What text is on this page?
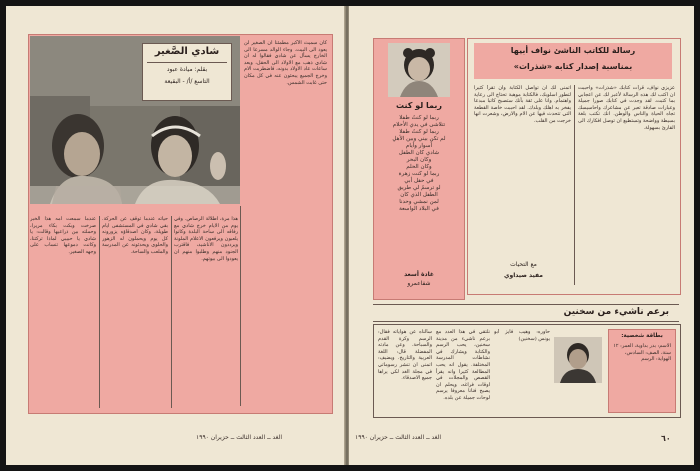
شادي الصَّغير
بقلم: ميادة عبود
التاسع /أ/ - البقيعة

كان سميث الأكبر مطمئنا ان الصغير لن يعود الى البيت. وجاء الوالد مسرعا الى الخارج يسأل عن شادي فقالوا له ان شادي ذهب مع الاولاد الى الحقل، وبعد ساعات عاد الاولاد بدونه، فاضطربت الام وخرج الجميع يبحثون عنه في كل مكان حتى غابت الشمس.

عندما سمعت امه هذا الخبر صرخت وبكت بكاء مريرا، وحملته بين ذراعيها وقالت: يا شادي يا حبيبي لماذا تركتنا، وكانت دموعها تنساب على وجهه الصغير.

حياته عندما توقف عن الحركة. بقي شادي في المستشفى ايام طويلة، وكان اصدقاؤه يزورونه كل يوم ويحملون له الزهور والحلوى ويحدثونه عن المدرسة والملعب والساحة.

هذا مرة، اطلالة الرصاص. وفي يوم من الايام خرج شادي مع رفاقه الى ساحة البلدة وكانوا يلعبون ويرفعون الاعلام الملونة ويرددون الاناشيد، فاقترب الجنود منهم وطلبوا منهم ان يعودوا الى بيوتهم.

الغد ــ العدد الثالث ــ حزيران ١٩٩٠
ربما لو كنت
ربما لو كنتُ طفلا
تتلاشى في يدي الأحلام
ربما لو كنتُ طفلا
لم تكن بيني وبين الأهلِ
أسوار وأيام
شادي كان الطفل
وكان البحر
وكان الحلم
ربما لو كنت زهرة
في حقل أبي
لو ترسمُ لي طريق
الطفل الذي كان
لمن نمشي وحدنا
في البلاد الواسعة
غادة أسعد
شفاعمرو
رسالة للكاتب الناشئ نواف أبيها
بمناسبة إصدار كتابه «شذرات»

اتمنى لك ان تواصل الكتابة وان تقرأ كثيرا لتطور اسلوبك، فالكتابة موهبة تحتاج الى رعاية واهتمام. وانا على ثقة بأنك ستصبح كاتبا مبدعا يفخر به اهلك وبلدك. لقد احببت خاصة القطعة التي تتحدث فيها عن الام والارض، وشعرت انها خرجت من القلب.

عزيزي نواف، قرأت كتابك «شذرات» واحببت ان اكتب لك هذه الرسالة لأعبر لك عن اعجابي بما كتبت. لقد وجدت في كتابك صورا جميلة وعبارات صادقة تعبر عن مشاعرك واحاسيسك تجاه الحياة والناس والوطن. انك تكتب بلغة بسيطة وواضحة وتستطيع ان توصل افكارك الى القارئ بسهولة.

مع التحيات
مفيد صيداوي
برعم ناشيء من سخنين
بطاقة شخصية:

الاسم: بدر بداوية، العمر: ١٢ سنة، الصف: السادس، الهواية: الرسم

حاوره: وهيب فايز أبو يونس (سخنين)

نلتقي في هذا العدد مع برعم ناشيء من مدينة سخنين، يحب الرسم والكتابة ويشارك في نشاطات المدرسة المختلفة. يقول انه يحب المطالعة كثيرا وانه يقرأ القصص والمجلات في اوقات فراغه، ويحلم ان يصبح فنانا معروفا يرسم لوحات جميلة عن بلده.

سألناه عن هواياته فقال: الرسم وكرة القدم والسباحة. وعن مادته المفضلة قال: اللغة العربية والتاريخ. ويضيف: اتمنى ان تنشر رسوماتي في مجلة الغد لكي يراها جميع الاصدقاء.

الغد ــ العدد الثالث ــ حزيران ١٩٩٠	٦٠
